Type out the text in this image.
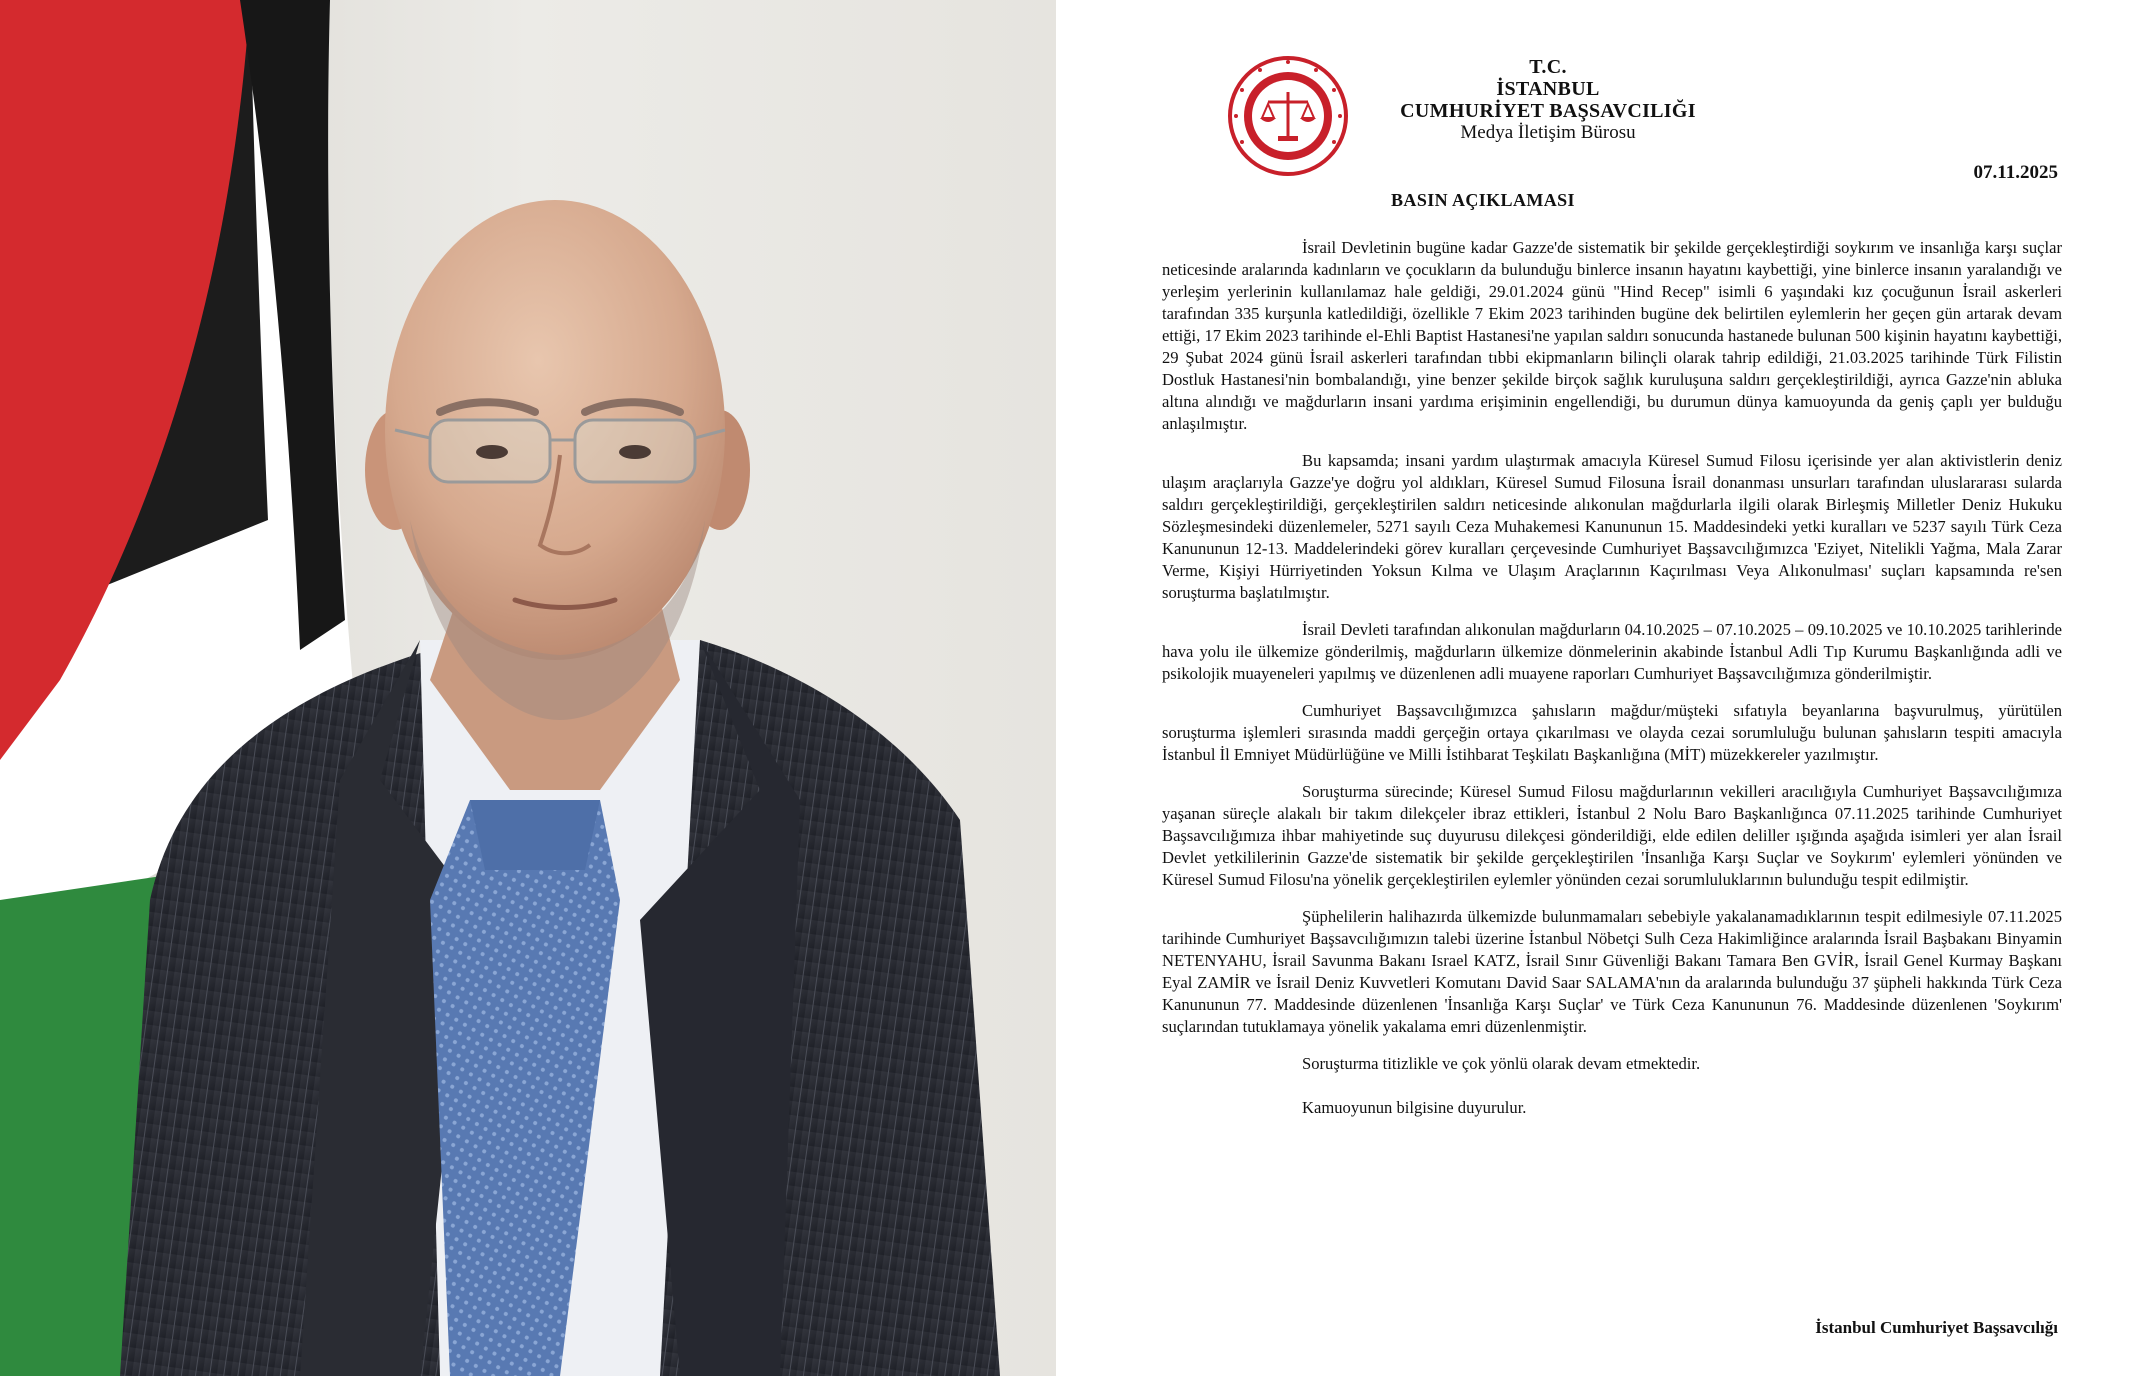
T.C.
İSTANBUL
CUMHURİYET BAŞSAVCILIĞI
Medya İletişim Bürosu
07.11.2025
BASIN AÇIKLAMASI

İsrail Devletinin bugüne kadar Gazze'de sistematik bir şekilde gerçekleştirdiği soykırım ve insanlığa karşı suçlar neticesinde aralarında kadınların ve çocukların da bulunduğu binlerce insanın hayatını kaybettiği, yine binlerce insanın yaralandığı ve yerleşim yerlerinin kullanılamaz hale geldiği, 29.01.2024 günü "Hind Recep" isimli 6 yaşındaki kız çocuğunun İsrail askerleri tarafından 335 kurşunla katledildiği, özellikle 7 Ekim 2023 tarihinden bugüne dek belirtilen eylemlerin her geçen gün artarak devam ettiği, 17 Ekim 2023 tarihinde el-Ehli Baptist Hastanesi'ne yapılan saldırı sonucunda hastanede bulunan 500 kişinin hayatını kaybettiği, 29 Şubat 2024 günü İsrail askerleri tarafından tıbbi ekipmanların bilinçli olarak tahrip edildiği, 21.03.2025 tarihinde Türk Filistin Dostluk Hastanesi'nin bombalandığı, yine benzer şekilde birçok sağlık kuruluşuna saldırı gerçekleştirildiği, ayrıca Gazze'nin abluka altına alındığı ve mağdurların insani yardıma erişiminin engellendiği, bu durumun dünya kamuoyunda da geniş çaplı yer bulduğu anlaşılmıştır.

Bu kapsamda; insani yardım ulaştırmak amacıyla Küresel Sumud Filosu içerisinde yer alan aktivistlerin deniz ulaşım araçlarıyla Gazze'ye doğru yol aldıkları, Küresel Sumud Filosuna İsrail donanması unsurları tarafından uluslararası sularda saldırı gerçekleştirildiği, gerçekleştirilen saldırı neticesinde alıkonulan mağdurlarla ilgili olarak Birleşmiş Milletler Deniz Hukuku Sözleşmesindeki düzenlemeler, 5271 sayılı Ceza Muhakemesi Kanununun 15. Maddesindeki yetki kuralları ve 5237 sayılı Türk Ceza Kanununun 12-13. Maddelerindeki görev kuralları çerçevesinde Cumhuriyet Başsavcılığımızca 'Eziyet, Nitelikli Yağma, Mala Zarar Verme, Kişiyi Hürriyetinden Yoksun Kılma ve Ulaşım Araçlarının Kaçırılması Veya Alıkonulması' suçları kapsamında re'sen soruşturma başlatılmıştır.

İsrail Devleti tarafından alıkonulan mağdurların 04.10.2025 – 07.10.2025 – 09.10.2025 ve 10.10.2025 tarihlerinde hava yolu ile ülkemize gönderilmiş, mağdurların ülkemize dönmelerinin akabinde İstanbul Adli Tıp Kurumu Başkanlığında adli ve psikolojik muayeneleri yapılmış ve düzenlenen adli muayene raporları Cumhuriyet Başsavcılığımıza gönderilmiştir.

Cumhuriyet Başsavcılığımızca şahısların mağdur/müşteki sıfatıyla beyanlarına başvurulmuş, yürütülen soruşturma işlemleri sırasında maddi gerçeğin ortaya çıkarılması ve olayda cezai sorumluluğu bulunan şahısların tespiti amacıyla İstanbul İl Emniyet Müdürlüğüne ve Milli İstihbarat Teşkilatı Başkanlığına (MİT) müzekkereler yazılmıştır.

Soruşturma sürecinde; Küresel Sumud Filosu mağdurlarının vekilleri aracılığıyla Cumhuriyet Başsavcılığımıza yaşanan süreçle alakalı bir takım dilekçeler ibraz ettikleri, İstanbul 2 Nolu Baro Başkanlığınca 07.11.2025 tarihinde Cumhuriyet Başsavcılığımıza ihbar mahiyetinde suç duyurusu dilekçesi gönderildiği, elde edilen deliller ışığında aşağıda isimleri yer alan İsrail Devlet yetkililerinin Gazze'de sistematik bir şekilde gerçekleştirilen 'İnsanlığa Karşı Suçlar ve Soykırım' eylemleri yönünden ve Küresel Sumud Filosu'na yönelik gerçekleştirilen eylemler yönünden cezai sorumluluklarının bulunduğu tespit edilmiştir.

Şüphelilerin halihazırda ülkemizde bulunmamaları sebebiyle yakalanamadıklarının tespit edilmesiyle 07.11.2025 tarihinde Cumhuriyet Başsavcılığımızın talebi üzerine İstanbul Nöbetçi Sulh Ceza Hakimliğince aralarında İsrail Başbakanı Binyamin NETENYAHU, İsrail Savunma Bakanı Israel KATZ, İsrail Sınır Güvenliği Bakanı Tamara Ben GVİR, İsrail Genel Kurmay Başkanı Eyal ZAMİR ve İsrail Deniz Kuvvetleri Komutanı David Saar SALAMA'nın da aralarında bulunduğu 37 şüpheli hakkında Türk Ceza Kanununun 77. Maddesinde düzenlenen 'İnsanlığa Karşı Suçlar' ve Türk Ceza Kanununun 76. Maddesinde düzenlenen 'Soykırım' suçlarından tutuklamaya yönelik yakalama emri düzenlenmiştir.

Soruşturma titizlikle ve çok yönlü olarak devam etmektedir.

Kamuoyunun bilgisine duyurulur.

İstanbul Cumhuriyet Başsavcılığı
